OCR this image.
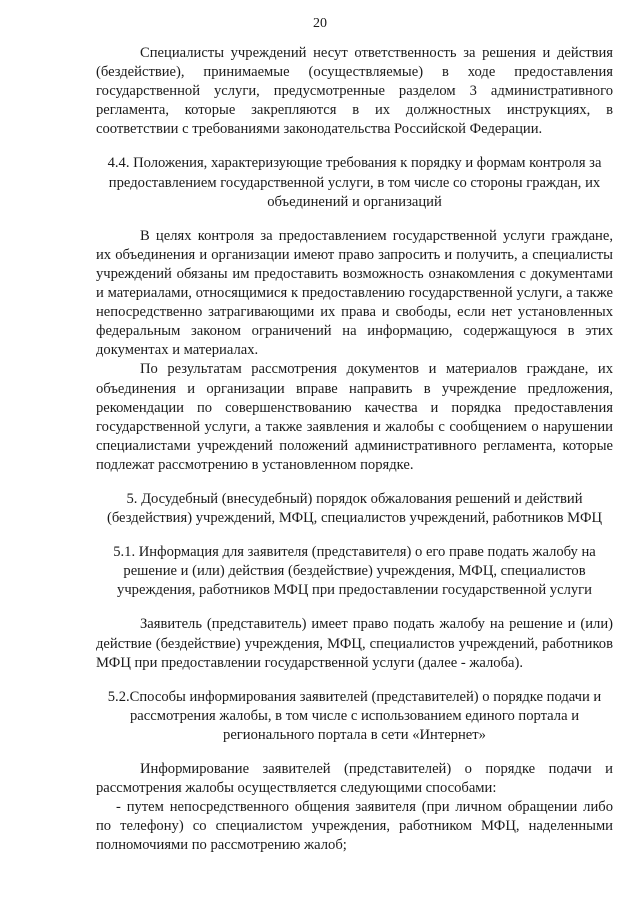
20

Специалисты учреждений несут ответственность за решения и действия (бездействие), принимаемые (осуществляемые) в ходе предоставления государственной услуги, предусмотренные разделом 3 административного регламента, которые закрепляются в их должностных инструкциях, в соответствии с требованиями законодательства Российской Федерации.

4.4. Положения, характеризующие требования к порядку и формам контроля за предоставлением государственной услуги, в том числе со стороны граждан, их объединений и организаций

В целях контроля за предоставлением государственной услуги граждане, их объединения и организации имеют право запросить и получить, а специалисты учреждений обязаны им предоставить возможность ознакомления с документами и материалами, относящимися к предоставлению государственной услуги, а также непосредственно затрагивающими их права и свободы, если нет установленных федеральным законом ограничений на информацию, содержащуюся в этих документах и материалах.

По результатам рассмотрения документов и материалов граждане, их объединения и организации вправе направить в учреждение предложения, рекомендации по совершенствованию качества и порядка предоставления государственной услуги, а также заявления и жалобы с сообщением о нарушении специалистами учреждений положений административного регламента, которые подлежат рассмотрению в установленном порядке.

5. Досудебный (внесудебный) порядок обжалования решений и действий (бездействия) учреждений, МФЦ, специалистов учреждений, работников МФЦ

5.1. Информация для заявителя (представителя) о его праве подать жалобу на решение и (или) действия (бездействие) учреждения, МФЦ, специалистов учреждения, работников МФЦ при предоставлении государственной услуги

Заявитель (представитель) имеет право подать жалобу на решение и (или) действие (бездействие) учреждения, МФЦ, специалистов учреждений, работников МФЦ при предоставлении государственной услуги (далее - жалоба).

5.2.Способы информирования заявителей (представителей) о порядке подачи и рассмотрения жалобы, в том числе с использованием единого портала и регионального портала в сети «Интернет»

Информирование заявителей (представителей) о порядке подачи и рассмотрения жалобы осуществляется следующими способами:

- путем непосредственного общения заявителя (при личном обращении либо по телефону) со специалистом учреждения, работником МФЦ, наделенными полномочиями по рассмотрению жалоб;
